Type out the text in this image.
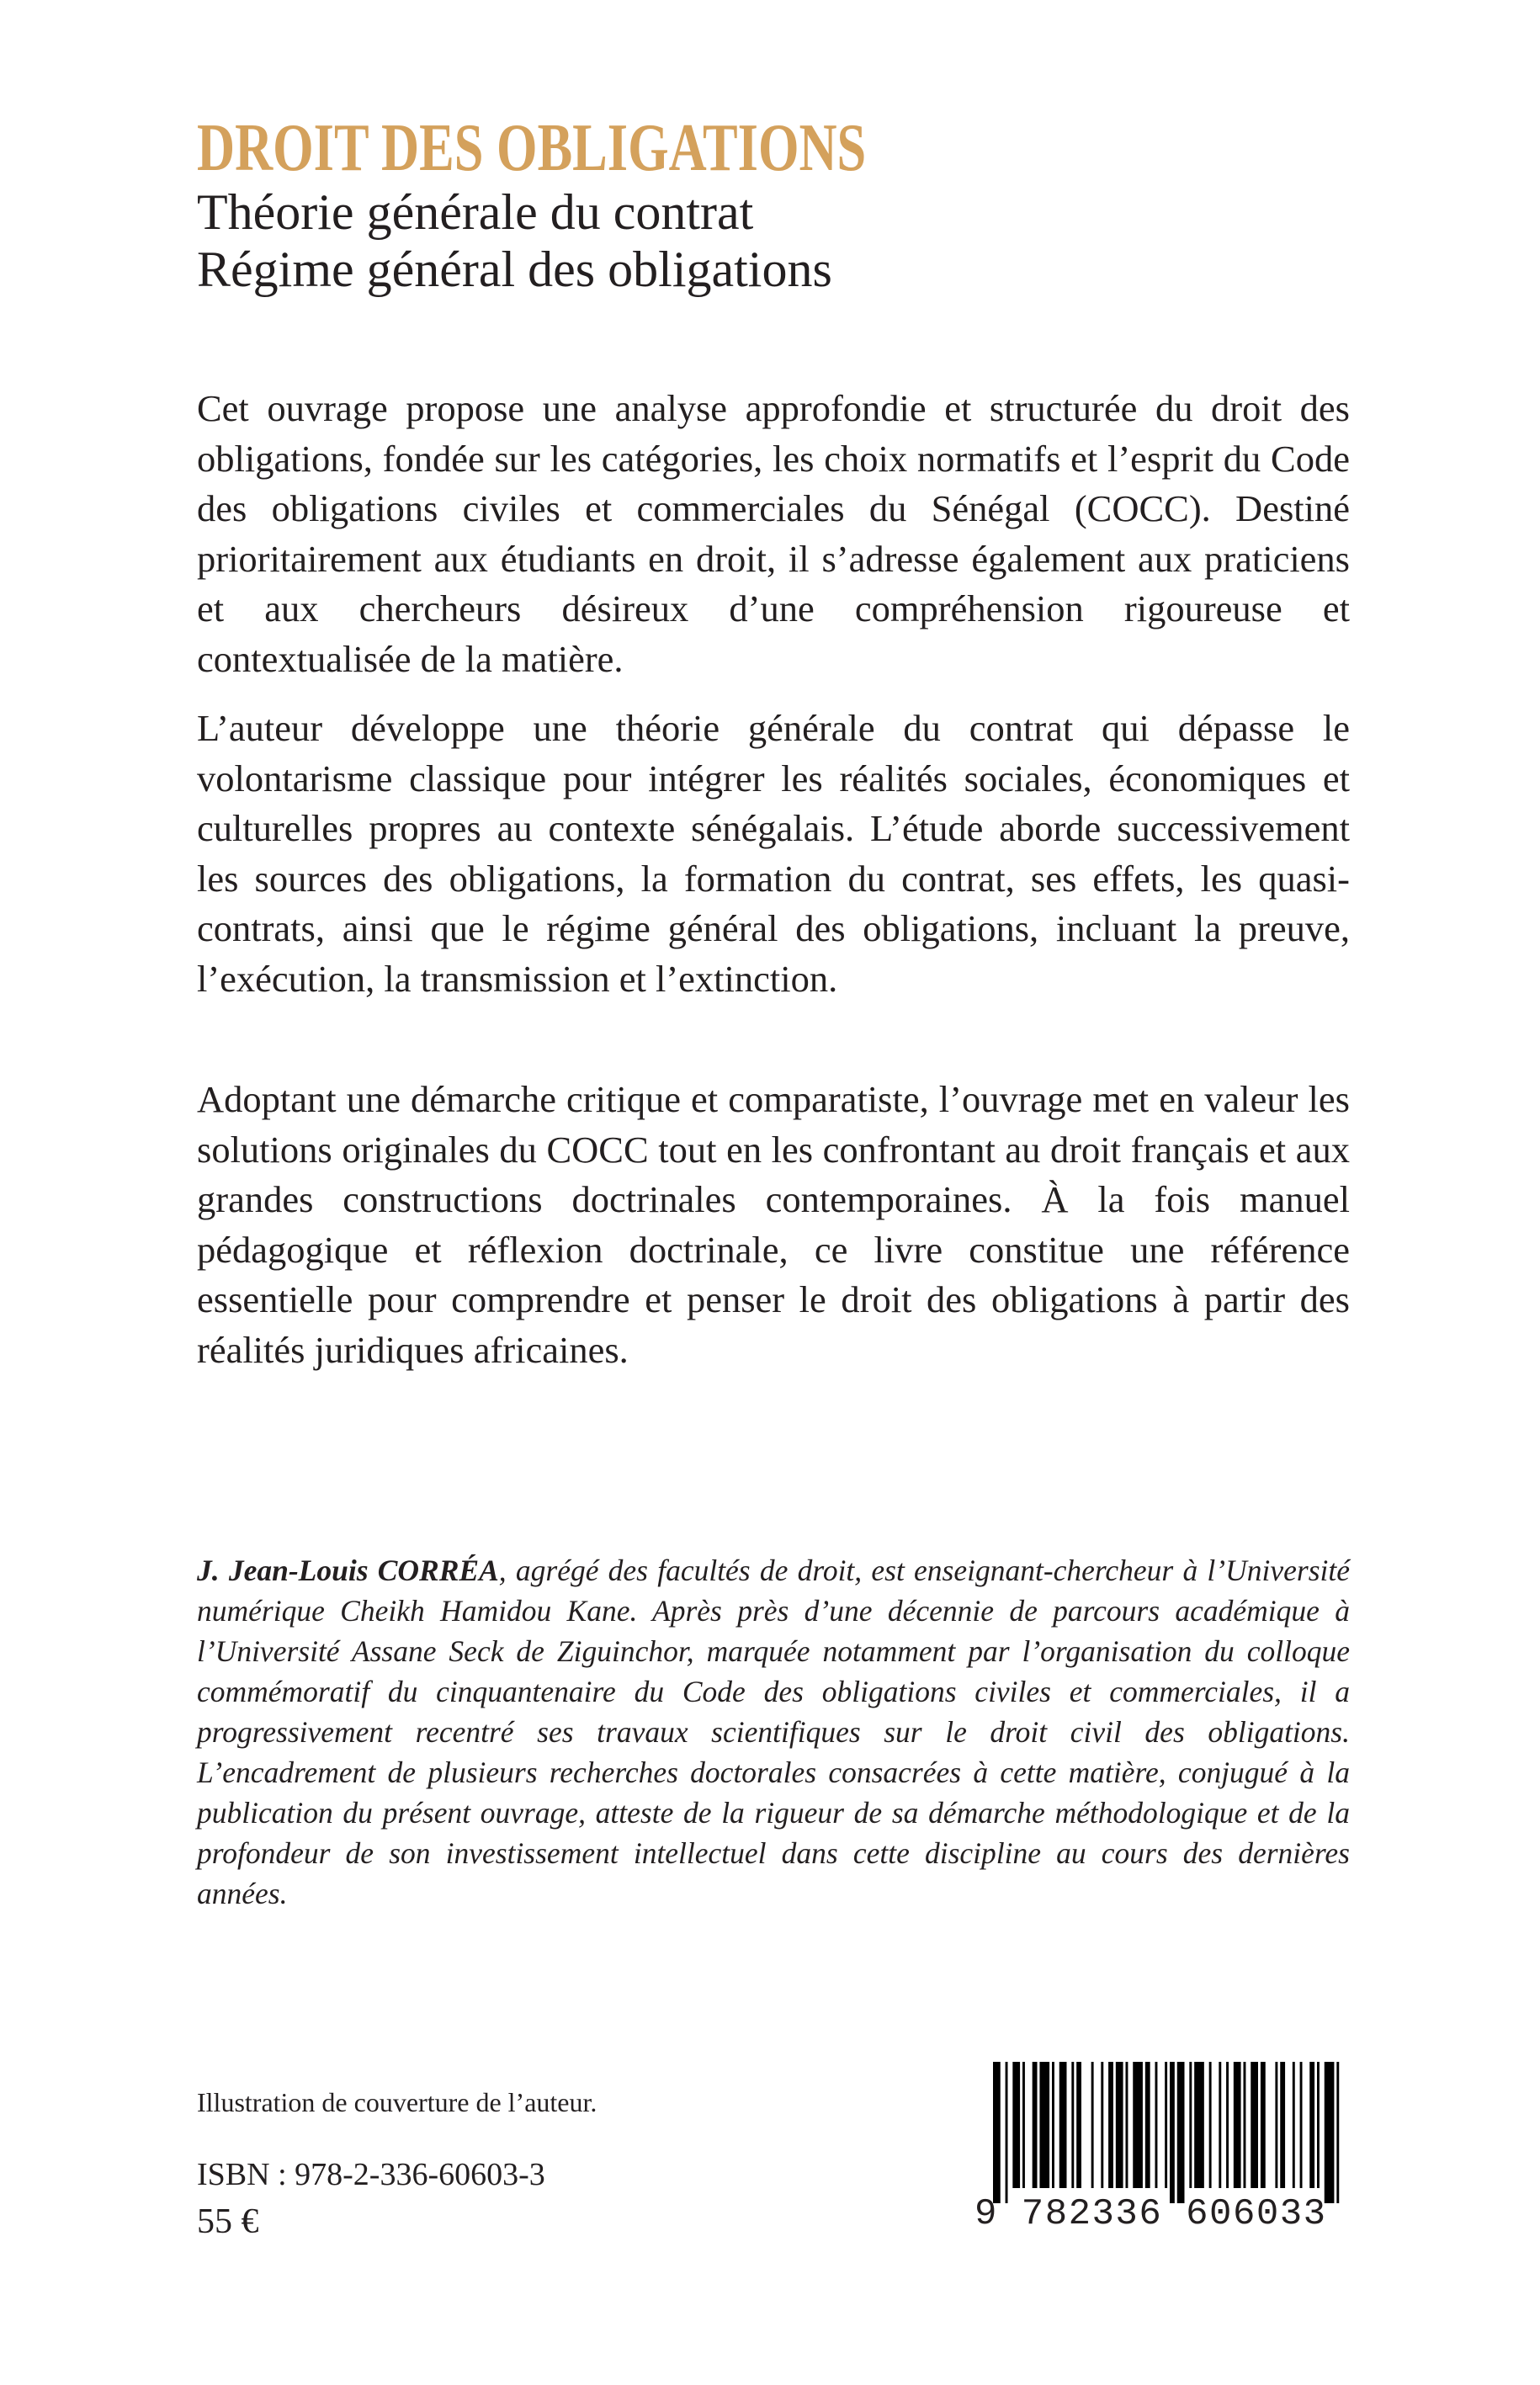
DROIT DES OBLIGATIONS
Théorie générale du contrat
Régime général des obligations

Cet ouvrage propose une analyse approfondie et structurée du droit des obligations, fondée sur les catégories, les choix normatifs et l’esprit du Code des obligations civiles et commerciales du Sénégal (COCC). Destiné prioritairement aux étudiants en droit, il s’adresse également aux praticiens et aux chercheurs désireux d’une compréhension rigoureuse et contextualisée de la matière.

L’auteur développe une théorie générale du contrat qui dépasse le volontarisme classique pour intégrer les réalités sociales, économiques et culturelles propres au contexte sénégalais. L’étude aborde successivement les sources des obligations, la formation du contrat, ses effets, les quasi-contrats, ainsi que le régime général des obligations, incluant la preuve, l’exécution, la transmission et l’extinction.

Adoptant une démarche critique et comparatiste, l’ouvrage met en valeur les solutions originales du COCC tout en les confrontant au droit français et aux grandes constructions doctrinales contemporaines. À la fois manuel pédagogique et réflexion doctrinale, ce livre constitue une référence essentielle pour comprendre et penser le droit des obligations à partir des réalités juridiques africaines.

J. Jean-Louis CORRÉA, agrégé des facultés de droit, est enseignant-chercheur à l’Université numérique Cheikh Hamidou Kane. Après près d’une décennie de parcours académique à l’Université Assane Seck de Ziguinchor, marquée notamment par l’organisation du colloque commémoratif du cinquantenaire du Code des obligations civiles et commerciales, il a progressivement recentré ses travaux scientifiques sur le droit civil des obligations. L’encadrement de plusieurs recherches doctorales consacrées à cette matière, conjugué à la publication du présent ouvrage, atteste de la rigueur de sa démarche méthodologique et de la profondeur de son investissement intellectuel dans cette discipline au cours des dernières années.

Illustration de couverture de l’auteur.
ISBN : 978-2-336-60603-3
55 €	9 782336 606033
